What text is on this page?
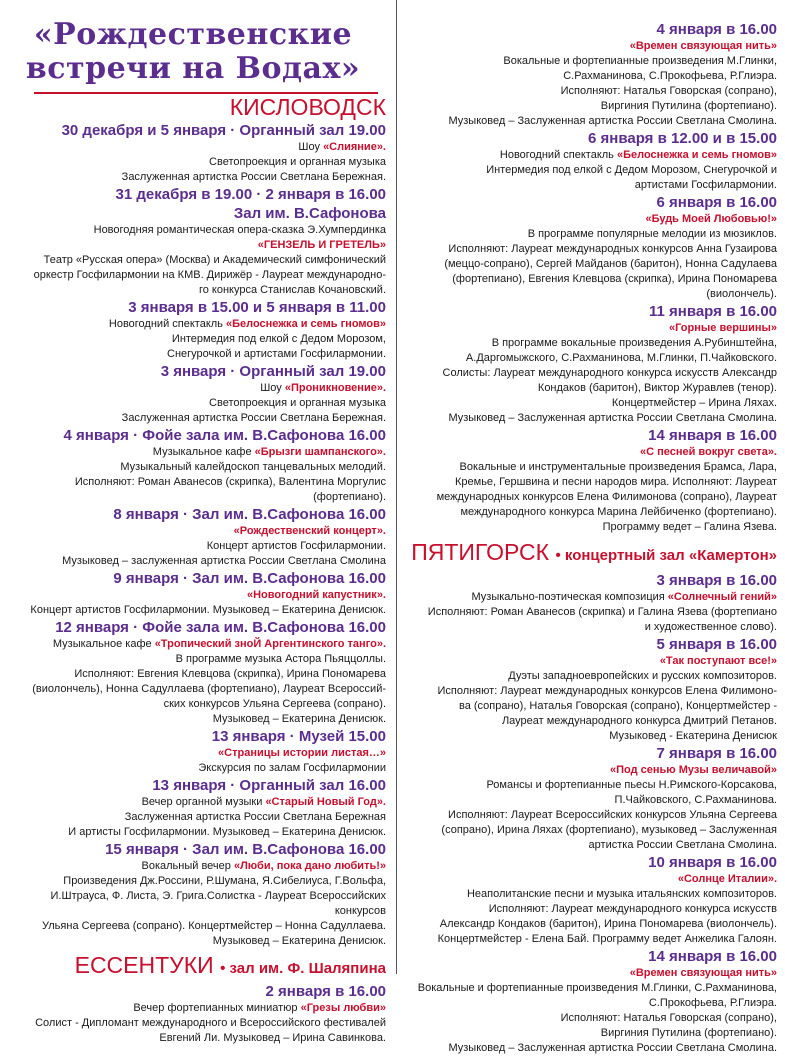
«Рождественские
встречи на Водах»
КИСЛОВОДСК
30 декабря и 5 января · Органный зал 19.00
Шоу «Слияние».
Светопроекция и органная музыка
Заслуженная артистка России Светлана Бережная.
31 декабря в 19.00 · 2 января в 16.00
Зал им. В.Сафонова
Новогодняя романтическая опера-сказка Э.Хумпердинка
«ГЕНЗЕЛЬ И ГРЕТЕЛЬ»
Театр «Русская опера» (Москва) и Академический симфонический
оркестр Госфилармонии на КМВ. Дирижёр - Лауреат международно-
го конкурса Станислав Кочановский.
3 января в 15.00 и 5 января в 11.00
Новогодний спектакль «Белоснежка и семь гномов»
Интермедия под елкой с Дедом Морозом,
Снегурочкой и артистами Госфилармонии.
3 января · Органный зал 19.00
Шоу «Проникновение».
Светопроекция и органная музыка
Заслуженная артистка России Светлана Бережная.
4 января · Фойе зала им. В.Сафонова 16.00
Музыкальное кафе «Брызги шампанского».
Музыкальный калейдоскоп танцевальных мелодий.
Исполняют: Роман Аванесов (скрипка), Валентина Моргулис
(фортепиано).
8 января · Зал им. В.Сафонова 16.00
«Рождественский концерт».
Концерт артистов Госфилармонии.
Музыковед – заслуженная артистка России Светлана Смолина
9 января · Зал им. В.Сафонова 16.00
«Новогодний капустник».
Концерт артистов Госфилармонии. Музыковед – Екатерина Денисюк.
12 января · Фойе зала им. В.Сафонова 16.00
Музыкальное кафе «Тропический зноЙ Аргентинского танго».
В программе музыка Астора Пьяццоллы.
Исполняют: Евгения Клевцова (скрипка), Ирина Пономарева
(виолончель), Нонна Садуллаева (фортепиано), Лауреат Всероссий-
ских конкурсов Ульяна Сергеева (сопрано).
Музыковед – Екатерина Денисюк.
13 января · Музей 15.00
«Страницы истории листая…»
Экскурсия по залам Госфилармонии
13 января · Органный зал 16.00
Вечер органной музыки «Старый Новый Год».
Заслуженная артистка России Светлана Бережная
И артисты Госфилармонии. Музыковед – Екатерина Денисюк.
15 января · Зал им. В.Сафонова 16.00
Вокальный вечер «Люби, пока дано любить!»
Произведения Дж.Россини, Р.Шумана, Я.Сибелиуса, Г.Вольфа,
И.Штрауса, Ф. Листа, Э. Грига.Солистка - Лауреат Всероссийских конкурсов
Ульяна Сергеева (сопрано). Концертмейстер – Нонна Садуллаева.
Музыковед – Екатерина Денисюк.
ЕССЕНТУКИ • зал им. Ф. Шаляпина
2 января в 16.00
Вечер фортепианных миниатюр «Грезы любви»
Солист - Дипломант международного и Всероссийского фестивалей
Евгений Ли. Музыковед – Ирина Савинкова.
4 января в 16.00
«Времен связующая нить»
Вокальные и фортепианные произведения М.Глинки,
С.Рахманинова, С.Прокофьева, Р.Глиэра.
Исполняют: Наталья Говорская (сопрано),
Виргиния Путилина (фортепиано).
Музыковед – Заслуженная артистка России Светлана Смолина.
6 января в 12.00 и в 15.00
Новогодний спектакль «Белоснежка и семь гномов»
Интермедия под елкой с Дедом Морозом, Снегурочкой и
артистами Госфилармонии.
6 января в 16.00
«Будь Моей Любовью!»
В программе популярные мелодии из мюзиклов.
Исполняют: Лауреат международных конкурсов Анна Гузаирова
(меццо-сопрано), Сергей Майданов (баритон), Нонна Садулаева
(фортепиано), Евгения Клевцова (скрипка), Ирина Пономарева
(виолончель).
11 января в 16.00
«Горные вершины»
В программе вокальные произведения А.Рубинштейна,
А.Даргомыжского, С.Рахманинова, М.Глинки, П.Чайковского.
Солисты: Лауреат международного конкурса искусств Александр
Кондаков (баритон), Виктор Журавлев (тенор).
Концертмейстер – Ирина Ляхах.
Музыковед – Заслуженная артистка России Светлана Смолина.
14 января в 16.00
«С песней вокруг света».
Вокальные и инструментальные произведения Брамса, Лара,
Кремье, Гершвина и песни народов мира. Исполняют: Лауреат
международных конкурсов Елена Филимонова (сопрано), Лауреат
международного конкурса Марина Лейбиченко (фортепиано).
Программу ведет – Галина Язева.
ПЯТИГОРСК • концертный зал «Камертон»
3 января в 16.00
Музыкально-поэтическая композиция «Солнечный гений»
Исполняют: Роман Аванесов (скрипка) и Галина Язева (фортепиано
и художественное слово).
5 января в 16.00
«Так поступают все!»
Дуэты западноевропейских и русских композиторов.
Исполняют: Лауреат международных конкурсов Елена Филимоно-
ва (сопрано), Наталья Говорская (сопрано), Концертмейстер -
Лауреат международного конкурса Дмитрий Петанов.
Музыковед - Екатерина Денисюк
7 января в 16.00
«Под сенью Музы величавой»
Романсы и фортепианные пьесы Н.Римского-Корсакова,
П.Чайковского, С.Рахманинова.
Исполняют: Лауреат Всероссийских конкурсов Ульяна Сергеева
(сопрано), Ирина Ляхах (фортепиано), музыковед – Заслуженная
артистка России Светлана Смолина.
10 января в 16.00
«Солнце Италии».
Неаполитанские песни и музыка итальянских композиторов.
Исполняют: Лауреат международного конкурса искусств
Александр Кондаков (баритон), Ирина Пономарева (виолончель).
Концертмейстер - Елена Бай. Программу ведет Анжелика Галоян.
14 января в 16.00
«Времен связующая нить»
Вокальные и фортепианные произведения М.Глинки, С.Рахманинова,
С.Прокофьева, Р.Глиэра.
Исполняют: Наталья Говорская (сопрано),
Виргиния Путилина (фортепиано).
Музыковед – Заслуженная артистка России Светлана Смолина.
